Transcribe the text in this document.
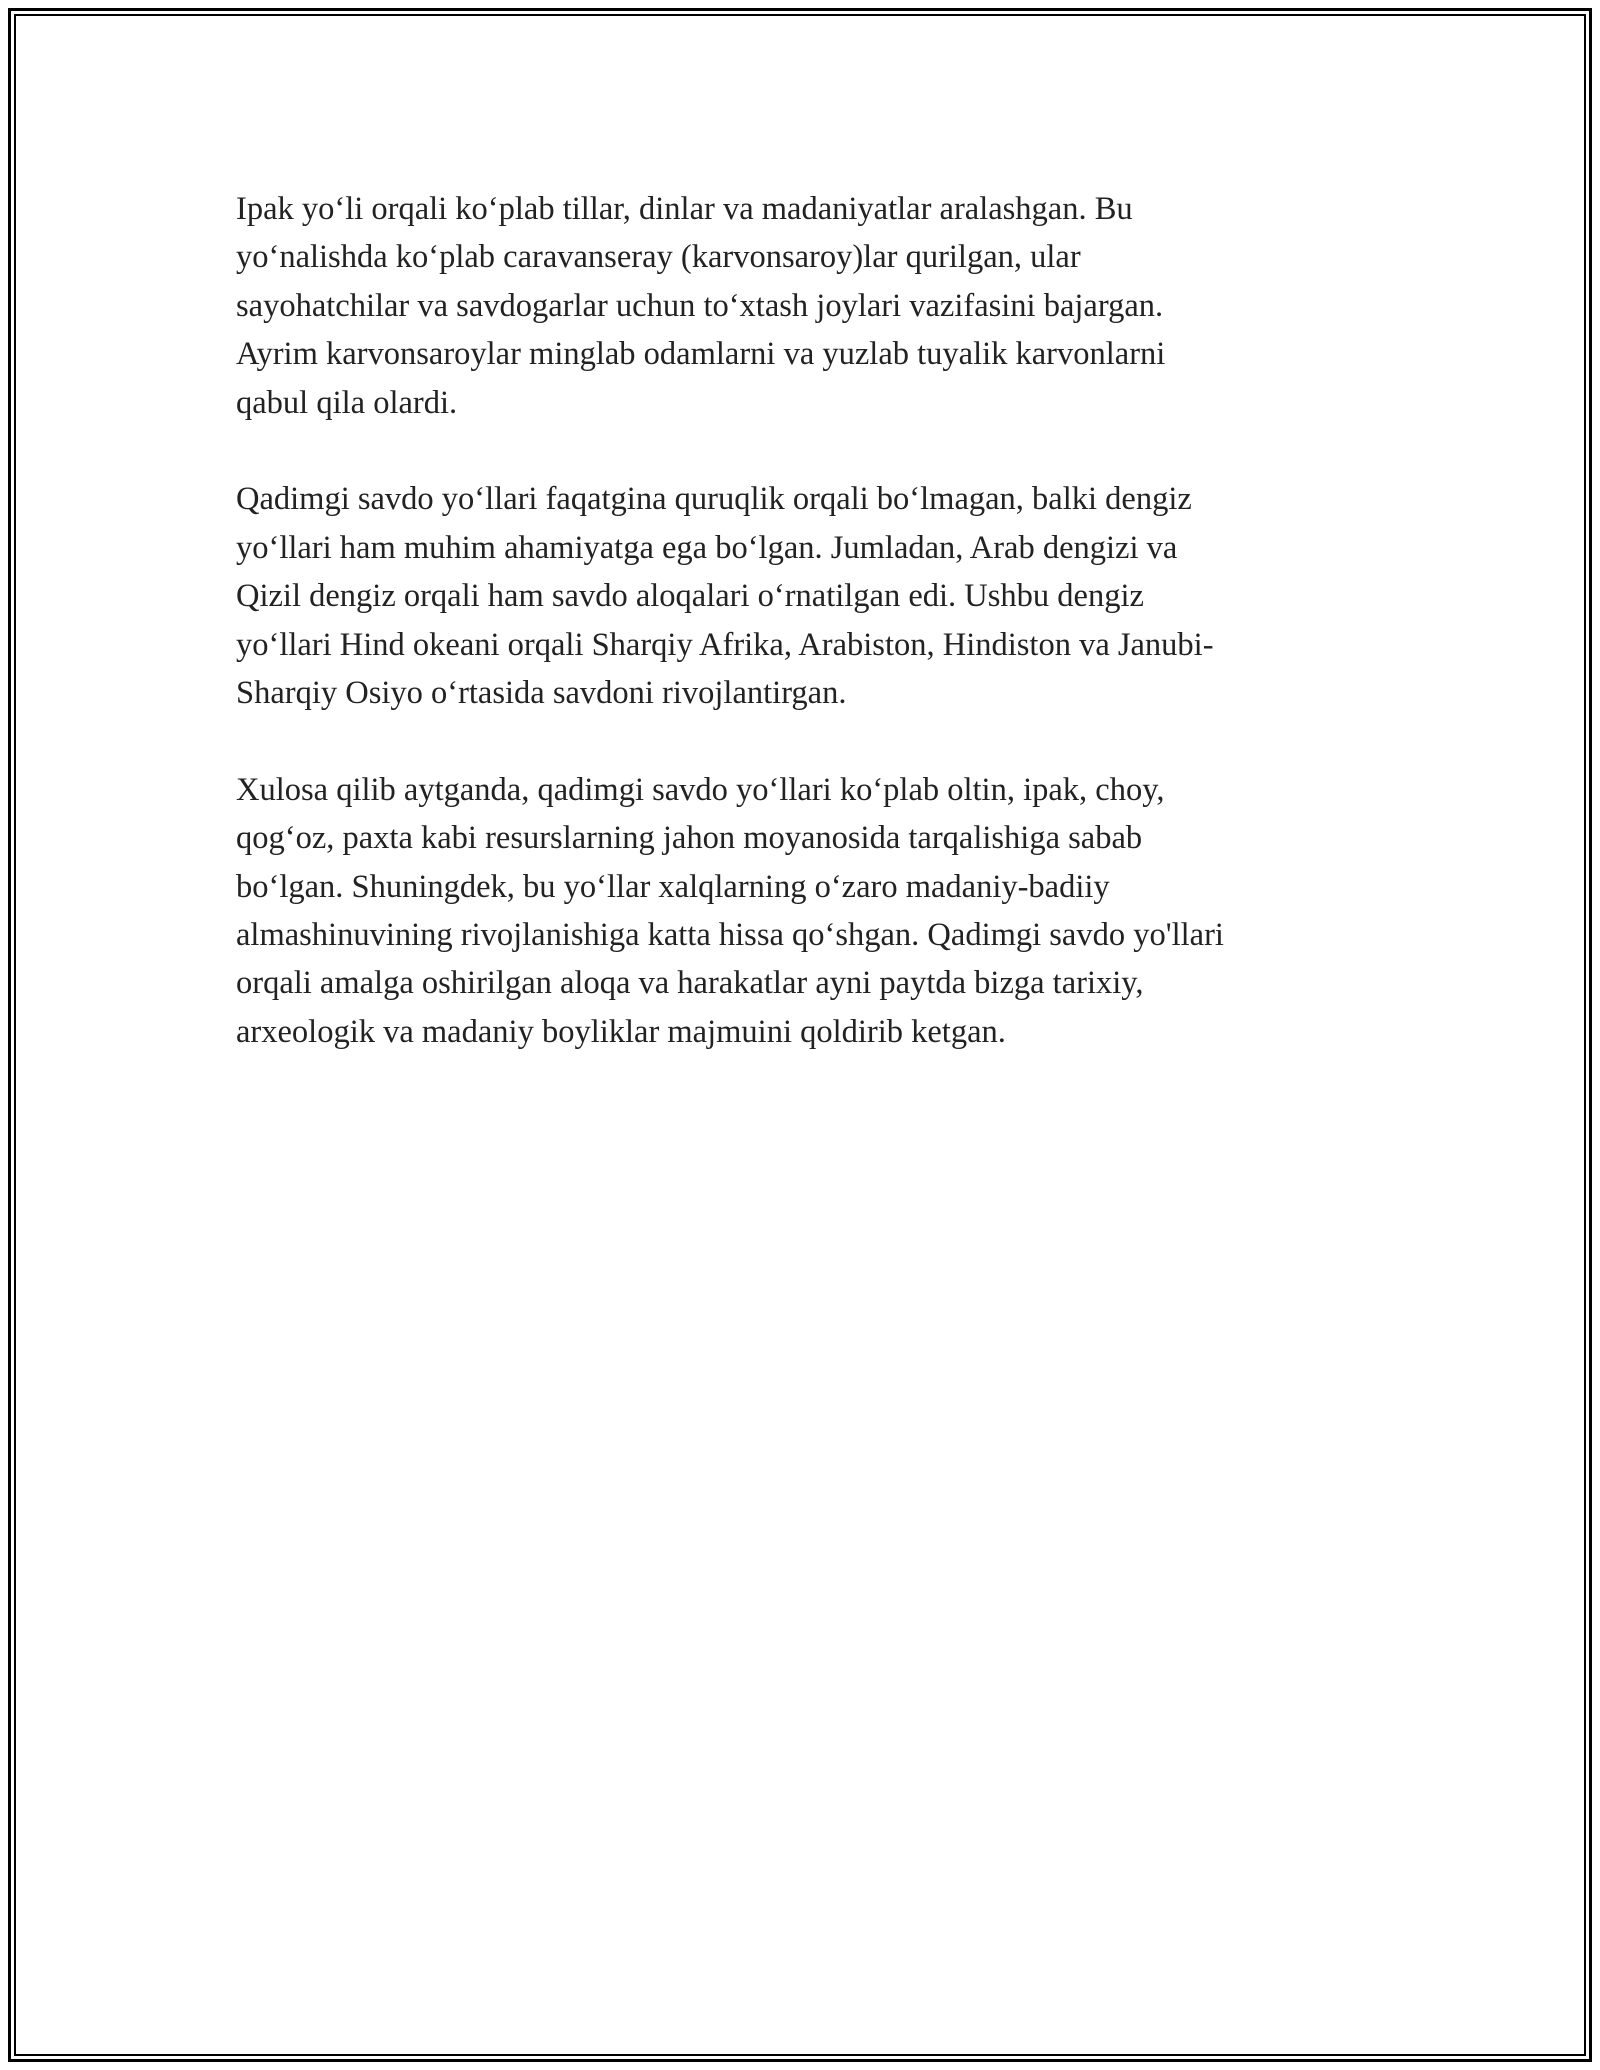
Ipak yo‘li orqali ko‘plab tillar, dinlar va madaniyatlar aralashgan. Bu
yo‘nalishda ko‘plab caravanseray (karvonsaroy)lar qurilgan, ular
sayohatchilar va savdogarlar uchun to‘xtash joylari vazifasini bajargan.
Ayrim karvonsaroylar minglab odamlarni va yuzlab tuyalik karvonlarni
qabul qila olardi.

Qadimgi savdo yo‘llari faqatgina quruqlik orqali bo‘lmagan, balki dengiz
yo‘llari ham muhim ahamiyatga ega bo‘lgan. Jumladan, Arab dengizi va
Qizil dengiz orqali ham savdo aloqalari o‘rnatilgan edi. Ushbu dengiz
yo‘llari Hind okeani orqali Sharqiy Afrika, Arabiston, Hindiston va Janubi-
Sharqiy Osiyo o‘rtasida savdoni rivojlantirgan.

Xulosa qilib aytganda, qadimgi savdo yo‘llari ko‘plab oltin, ipak, choy,
qog‘oz, paxta kabi resurslarning jahon moyanosida tarqalishiga sabab
bo‘lgan. Shuningdek, bu yo‘llar xalqlarning o‘zaro madaniy-badiiy
almashinuvining rivojlanishiga katta hissa qo‘shgan. Qadimgi savdo yo'llari
orqali amalga oshirilgan aloqa va harakatlar ayni paytda bizga tarixiy,
arxeologik va madaniy boyliklar majmuini qoldirib ketgan.
